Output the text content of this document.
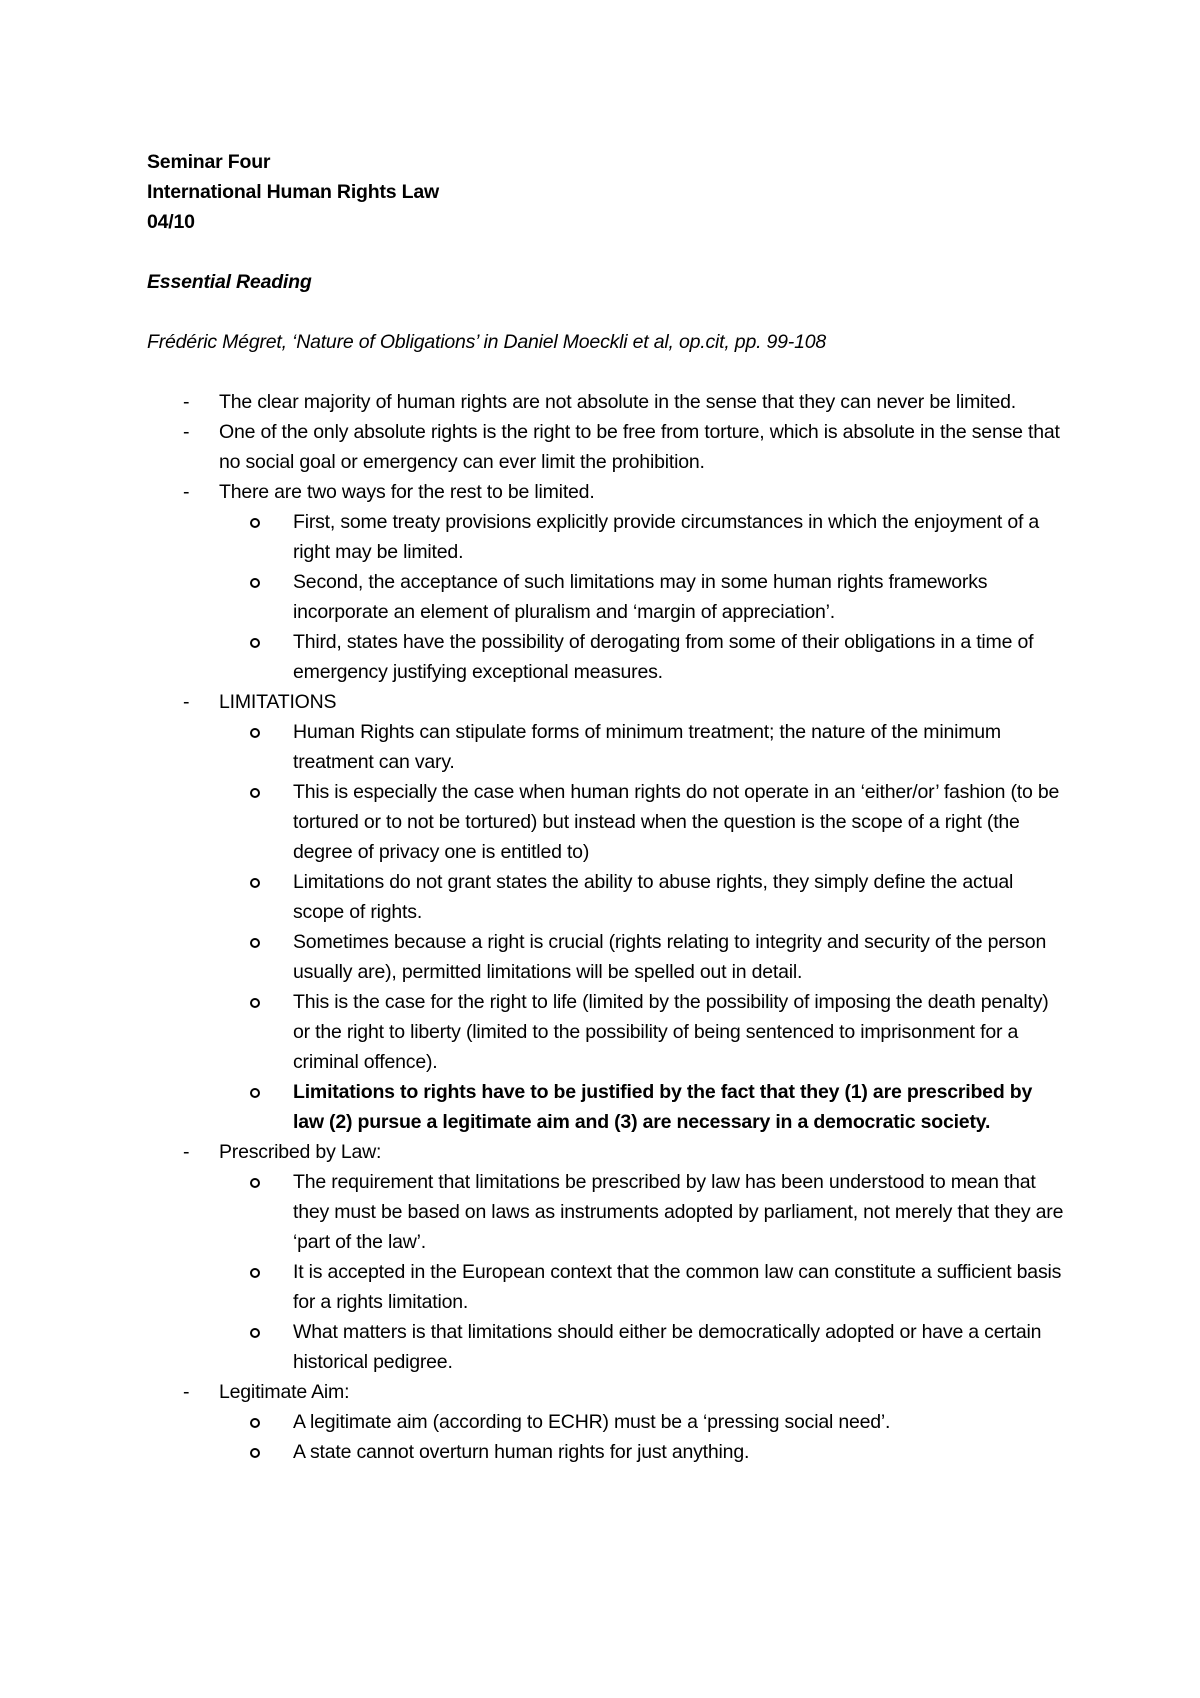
Seminar Four
International Human Rights Law
04/10
Essential Reading
Frédéric Mégret, ‘Nature of Obligations’ in Daniel Moeckli et al, op.cit, pp. 99-108
- The clear majority of human rights are not absolute in the sense that they can never be limited.
- One of the only absolute rights is the right to be free from torture, which is absolute in the sense that no social goal or emergency can ever limit the prohibition.
- There are two ways for the rest to be limited.
First, some treaty provisions explicitly provide circumstances in which the enjoyment of a right may be limited.
Second, the acceptance of such limitations may in some human rights frameworks incorporate an element of pluralism and ‘margin of appreciation’.
Third, states have the possibility of derogating from some of their obligations in a time of emergency justifying exceptional measures.
- LIMITATIONS
Human Rights can stipulate forms of minimum treatment; the nature of the minimum treatment can vary.
This is especially the case when human rights do not operate in an ‘either/or’ fashion (to be tortured or to not be tortured) but instead when the question is the scope of a right (the degree of privacy one is entitled to)
Limitations do not grant states the ability to abuse rights, they simply define the actual scope of rights.
Sometimes because a right is crucial (rights relating to integrity and security of the person usually are), permitted limitations will be spelled out in detail.
This is the case for the right to life (limited by the possibility of imposing the death penalty) or the right to liberty (limited to the possibility of being sentenced to imprisonment for a criminal offence).
Limitations to rights have to be justified by the fact that they (1) are prescribed by law (2) pursue a legitimate aim and (3) are necessary in a democratic society.
- Prescribed by Law:
The requirement that limitations be prescribed by law has been understood to mean that they must be based on laws as instruments adopted by parliament, not merely that they are ‘part of the law’.
It is accepted in the European context that the common law can constitute a sufficient basis for a rights limitation.
What matters is that limitations should either be democratically adopted or have a certain historical pedigree.
- Legitimate Aim:
A legitimate aim (according to ECHR) must be a ‘pressing social need’.
A state cannot overturn human rights for just anything.
